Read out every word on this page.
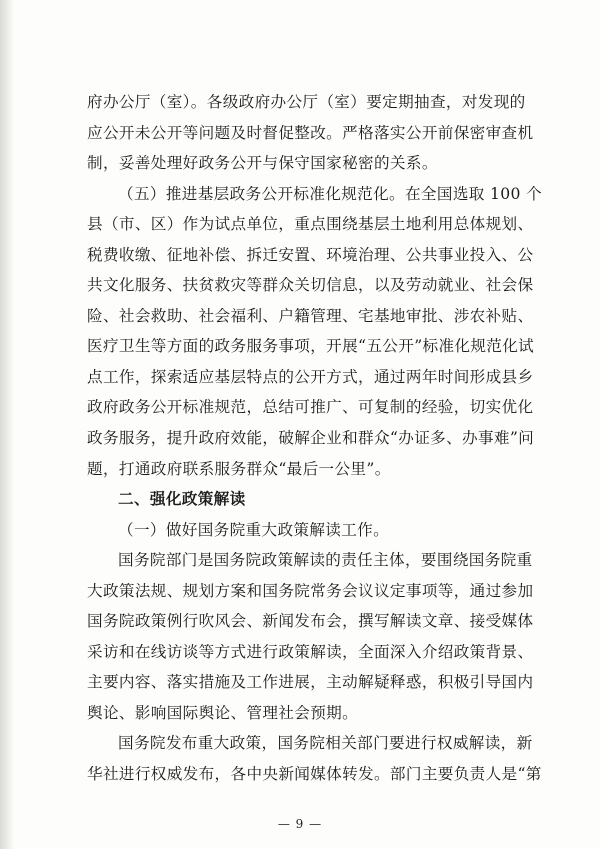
府办公厅（室）。各级政府办公厅（室）要定期抽查，对发现的
应公开未公开等问题及时督促整改。严格落实公开前保密审查机
制，妥善处理好政务公开与保守国家秘密的关系。
（五）推进基层政务公开标准化规范化。在全国选取 100 个
县（市、区）作为试点单位，重点围绕基层土地利用总体规划、
税费收缴、征地补偿、拆迁安置、环境治理、公共事业投入、公
共文化服务、扶贫救灾等群众关切信息，以及劳动就业、社会保
险、社会救助、社会福利、户籍管理、宅基地审批、涉农补贴、
医疗卫生等方面的政务服务事项，开展“五公开”标准化规范化试
点工作，探索适应基层特点的公开方式，通过两年时间形成县乡
政府政务公开标准规范，总结可推广、可复制的经验，切实优化
政务服务，提升政府效能，破解企业和群众“办证多、办事难”问
题，打通政府联系服务群众“最后一公里”。
二、强化政策解读
（一）做好国务院重大政策解读工作。
国务院部门是国务院政策解读的责任主体，要围绕国务院重
大政策法规、规划方案和国务院常务会议议定事项等，通过参加
国务院政策例行吹风会、新闻发布会，撰写解读文章、接受媒体
采访和在线访谈等方式进行政策解读，全面深入介绍政策背景、
主要内容、落实措施及工作进展，主动解疑释惑，积极引导国内
舆论、影响国际舆论、管理社会预期。
国务院发布重大政策，国务院相关部门要进行权威解读，新
华社进行权威发布，各中央新闻媒体转发。部门主要负责人是“第
— 9 —
